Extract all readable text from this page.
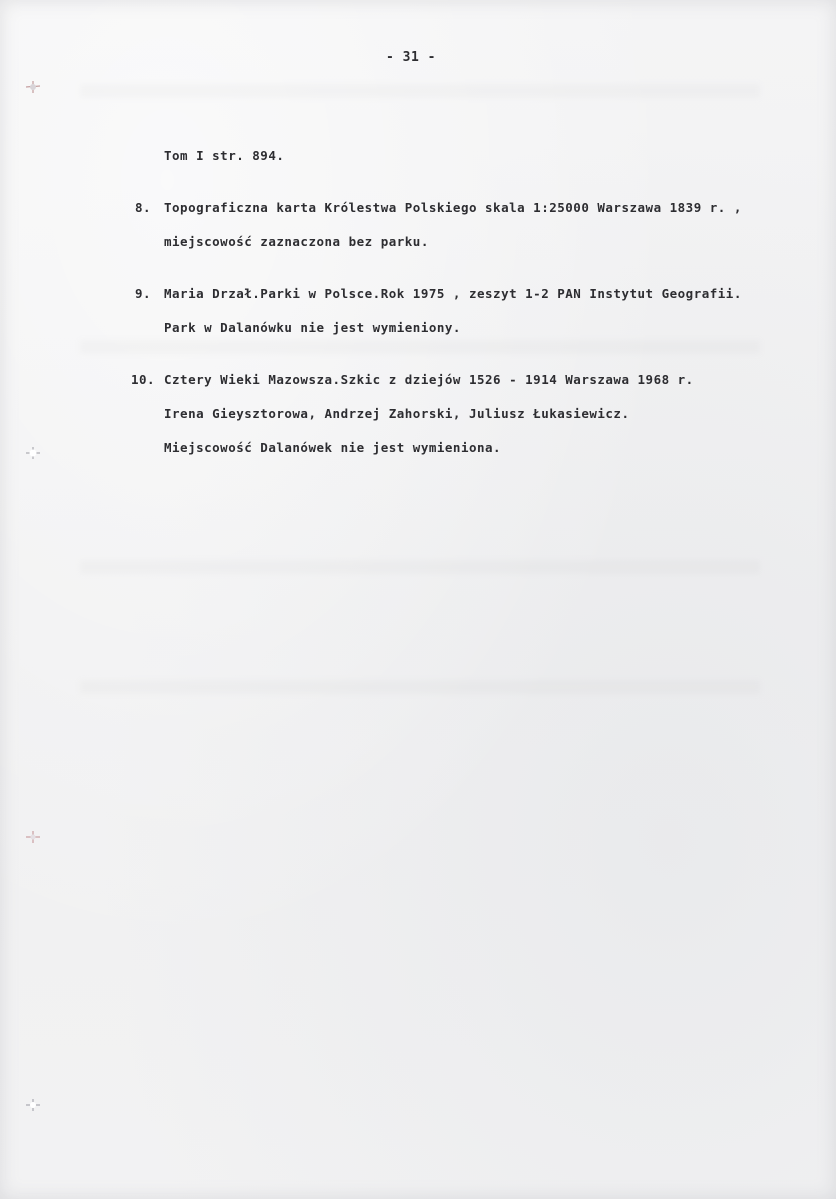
- 31 -
Tom I str. 894.
8. Topograficzna karta Królestwa Polskiego skala 1:25000 Warszawa 1839 r. ,
miejscowość zaznaczona bez parku.
9. Maria Drzał.Parki w Polsce.Rok 1975 , zeszyt 1-2 PAN Instytut Geografii.
Park w Dalanówku nie jest wymieniony.
10. Cztery Wieki Mazowsza.Szkic z dziejów 1526 - 1914 Warszawa 1968 r.
Irena Gieysztorowa, Andrzej Zahorski, Juliusz Łukasiewicz.
Miejscowość Dalanówek nie jest wymieniona.
